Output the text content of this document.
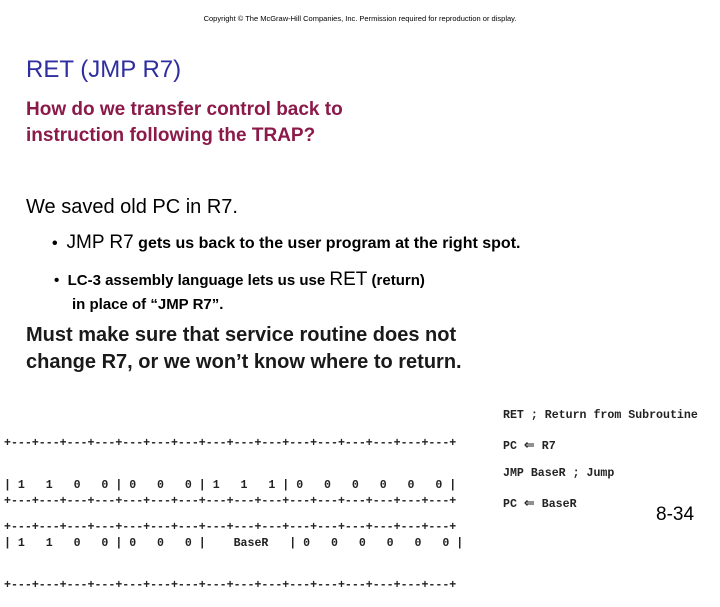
Copyright © The McGraw-Hill Companies, Inc. Permission required for reproduction or display.
RET (JMP R7)
How do we transfer control back to
instruction following the TRAP?
We saved old PC in R7.
•  JMP R7 gets us back to the user program at the right spot.
•  LC-3 assembly language lets us use RET (return)
in place of “JMP R7”.
Must make sure that service routine does not
change R7, or we won’t know where to return.

+---+---+---+---+---+---+---+---+---+---+---+---+---+---+---+---+

| 1   1   0   0 | 0   0   0 | 1   1   1 | 0   0   0   0   0   0 |

+---+---+---+---+---+---+---+---+---+---+---+---+---+---+---+---+

RET ; Return from Subroutine
PC ⇐ R7

+---+---+---+---+---+---+---+---+---+---+---+---+---+---+---+---+

| 1   1   0   0 | 0   0   0 |    BaseR   | 0   0   0   0   0   0 |

+---+---+---+---+---+---+---+---+---+---+---+---+---+---+---+---+

JMP BaseR ; Jump
PC ⇐ BaseR	8-34
